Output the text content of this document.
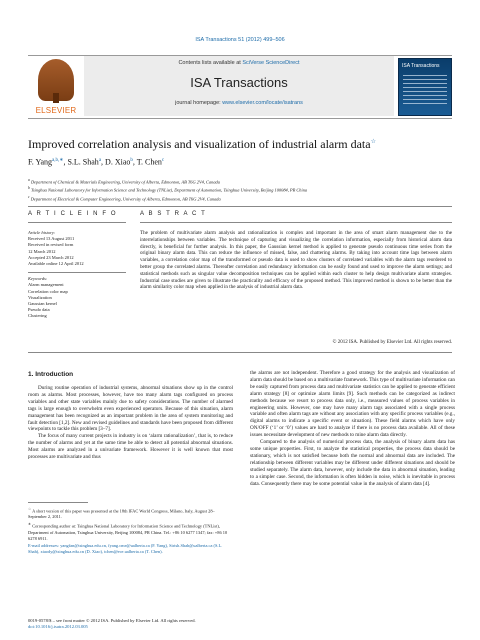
ISA Transactions 51 (2012) 499–506
ELSEVIER
Contents lists available at SciVerse ScienceDirect
ISA Transactions
journal homepage: www.elsevier.com/locate/isatrans
ISA Transactions
Improved correlation analysis and visualization of industrial alarm data☆
F. Yang$^{a,b,∗}$, S.L. Shah$^a$, D. Xiao$^b$, T. Chen$^c$
$^a$ Department of Chemical & Materials Engineering, University of Alberta, Edmonton, AB T6G 2V4, Canada
$^b$ Tsinghua National Laboratory for Information Science and Technology (TNList), Department of Automation, Tsinghua University, Beijing 100084, PR China
$^c$ Department of Electrical & Computer Engineering, University of Alberta, Edmonton, AB T6G 2V4, Canada
A R T I C L E I N F O	A B S T R A C T
Article history:
Received 13 August 2011
Received in revised form
12 March 2012
Accepted 23 March 2012
Available online 12 April 2012
Keywords:
Alarm management
Correlation color map
Visualization
Gaussian kernel
Pseudo data
Clustering
The problem of multivariate alarm analysis and rationalization is complex and important in the area of smart alarm management due to the interrelationships between variables. The technique of capturing and visualizing the correlation information, especially from historical alarm data directly, is beneficial for further analysis. In this paper, the Gaussian kernel method is applied to generate pseudo continuous time series from the original binary alarm data. This can reduce the influence of missed, false, and chattering alarms. By taking into account time lags between alarm variables, a correlation color map of the transformed or pseudo data is used to show clusters of correlated variables with the alarm tags reordered to better group the correlated alarms. Thereafter correlation and redundancy information can be easily found and used to improve the alarm settings; and statistical methods such as singular value decomposition techniques can be applied within each cluster to help design multivariate alarm strategies. Industrial case studies are given to illustrate the practicality and efficacy of the proposed method. This improved method is shown to be better than the alarm similarity color map when applied in the analysis of industrial alarm data.
© 2012 ISA. Published by Elsevier Ltd. All rights reserved.
1. Introduction

During routine operation of industrial systems, abnormal situations show up in the control room as alarms. Most processes, however, have too many alarm tags configured on process variables and other state variables mainly due to safety considerations. The number of alarmed tags is large enough to overwhelm even experienced operators. Because of this situation, alarm management has been recognized as an important problem in the area of system monitoring and fault detection [1,2]. New and revised guidelines and standards have been proposed from different viewpoints to tackle this problem [3–7].

The focus of many current projects in industry is on ‘alarm rationalization’, that is, to reduce the number of alarms and yet at the same time be able to detect all potential abnormal situations. Most alarms are analyzed in a univariate framework. However it is well known that most processes are multivariate and thus

the alarms are not independent. Therefore a good strategy for the analysis and visualization of alarm data should be based on a multivariate framework. This type of multivariate information can be easily captured from process data and multivariate statistics can be applied to generate efficient alarm strategy [8] or optimize alarm limits [9]. Such methods can be categorized as indirect methods because we resort to process data only, i.e., measured values of process variables in engineering units. However, one may have many alarm tags associated with a single process variable and often alarm tags are without any association with any specific process variables (e.g., digital alarms to indicate a specific event or situation). These field alarms which have only ON/OFF (‘1’ or ‘0’) values are hard to analyze if there is no process data available. All of these issues necessitate development of new methods to mine alarm data directly.

Compared to the analysis of numerical process data, the analysis of binary alarm data has some unique properties. First, to analyze the statistical properties, the process data should be stationary, which is not satisfied because both the normal and abnormal data are included. The relationship between different variables may be different under different situations and should be studied separately. The alarm data, however, only include the data in abnormal situation, leading to a simpler case. Second, the information is often hidden in noise, which is inevitable in process data. Consequently there may be some potential value in the analysis of alarm data [4].

☆ A short version of this paper was presented at the 18th IFAC World Congress, Milano, Italy, August 28–September 2, 2011.
∗ Corresponding author at: Tsinghua National Laboratory for Information Science and Technology (TNList), Department of Automation, Tsinghua University, Beijing 100084, PR China. Tel.: +86 10 6277 1347; fax: +86 10 6278 6911.
E-mail addresses: yangfan@tsinghua.edu.cn, fyang.cme@ualberta.ca (F. Yang), Sirish.Shah@ualberta.ca (S.L. Shah), xiaody@tsinghua.edu.cn (D. Xiao), tchen@ece.ualberta.ca (T. Chen).
0019-0578/$ – see front matter © 2012 ISA. Published by Elsevier Ltd. All rights reserved.
doi:10.1016/j.isatra.2012.03.005
